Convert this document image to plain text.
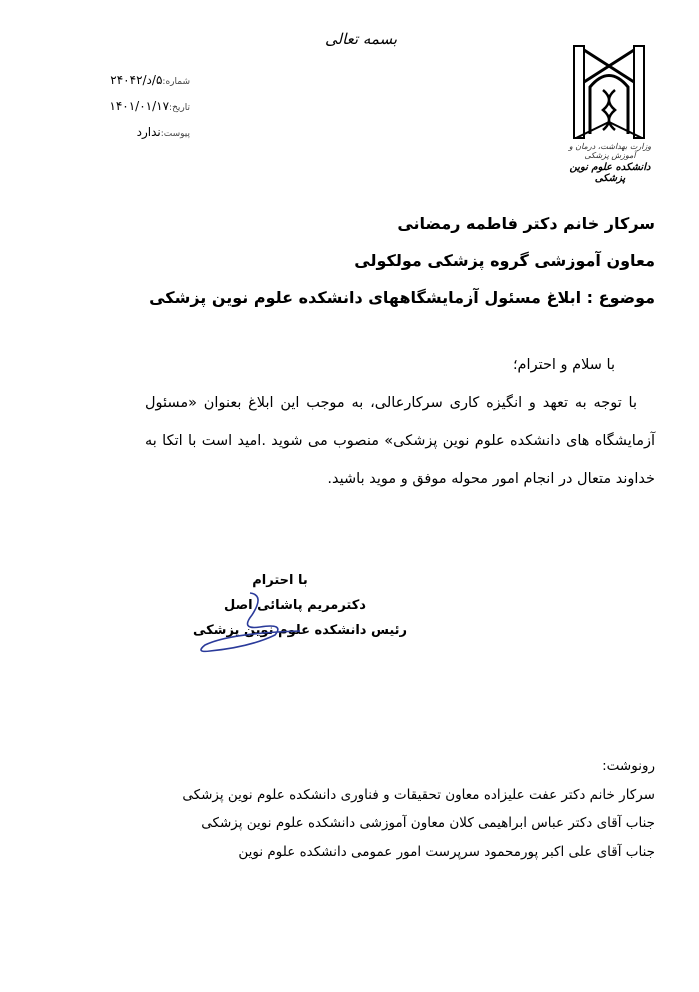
بسمه تعالی
شماره:۵/د/۲۴۰۴۲
تاریخ:۱۴۰۱/۰۱/۱۷
پیوست:ندارد
وزارت بهداشت، درمان و آموزش پزشکی
دانشکده علوم نوین پزشکی
سرکار خانم دکتر فاطمه رمضانی
معاون آموزشی گروه پزشکی مولکولی
موضوع : ابلاغ مسئول آزمایشگاههای دانشکده علوم نوین پزشکی
با سلام و احترام؛
با توجه به تعهد و انگیزه کاری سرکارعالی، به موجب این ابلاغ بعنوان «مسئول آزمایشگاه های دانشکده علوم نوین پزشکی» منصوب می شوید .امید است با اتکا به خداوند متعال در انجام امور محوله موفق و موید باشید.
با احترام
دکترمریم پاشائی اصل
رئیس دانشکده علوم نوین پزشکی
رونوشت:
سرکار خانم دکتر عفت علیزاده معاون تحقیقات و فناوری دانشکده علوم نوین پزشکی
جناب آقای دکتر عباس ابراهیمی کلان معاون آموزشی دانشکده علوم نوین پزشکی
جناب آقای علی اکبر پورمحمود سرپرست امور عمومی دانشکده علوم نوین
